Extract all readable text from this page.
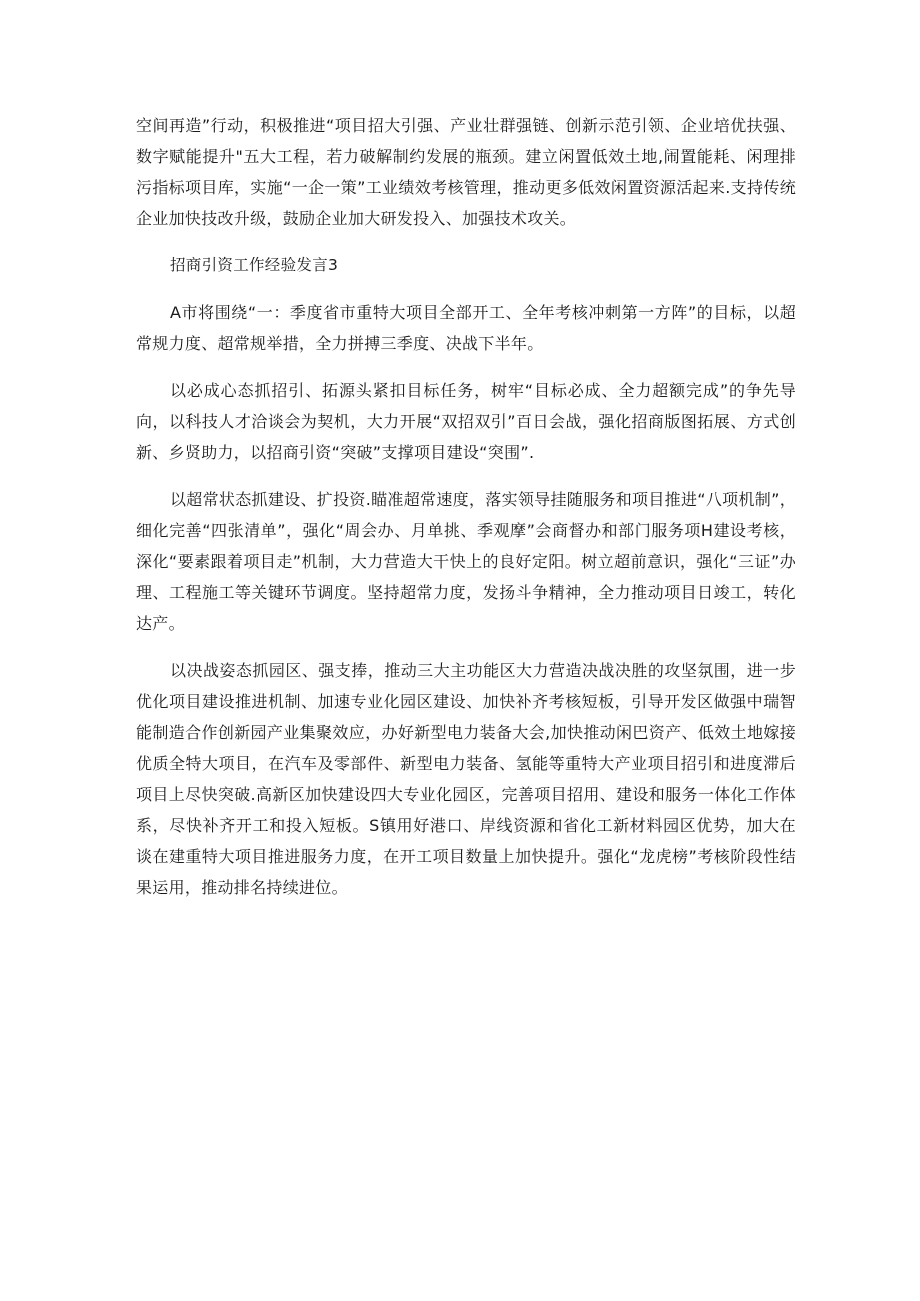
空间再造”行动，积极推进“项目招大引强、产业壮群强链、创新示范引领、企业培优扶强、数字赋能提升"五大工程，若力破解制约发展的瓶颈。建立闲置低效土地,闹置能耗、闲理排污指标项目库，实施“一企一策”工业绩效考核管理，推动更多低效闲置资源活起来.支持传统企业加快技改升级，鼓励企业加大研发投入、加强技术攻关。

招商引资工作经验发言3

A市将围绕“一：季度省市重特大项目全部开工、全年考核冲刺第一方阵”的目标，以超常规力度、超常规举措，全力拼搏三季度、决战下半年。

以必成心态抓招引、拓源头紧扣目标任务，树牢“目标必成、全力超额完成”的争先导向，以科技人才洽谈会为契机，大力开展“双招双引”百日会战，强化招商版图拓展、方式创新、乡贤助力，以招商引资“突破”支撑项目建设“突围”.

以超常状态抓建设、扩投资.瞄准超常速度，落实领导挂随服务和项目推进“八项机制”，细化完善“四张清单”，强化“周会办、月单挑、季观摩”会商督办和部门服务项H建设考核，深化“要素跟着项目走”机制，大力营造大干快上的良好定阳。树立超前意识，强化“三证”办理、工程施工等关键环节调度。坚持超常力度，发扬斗争精神，全力推动项目日竣工，转化达产。

以决战姿态抓园区、强支捧，推动三大主功能区大力营造决战决胜的攻坚氛围，进一步优化项目建设推进机制、加速专业化园区建设、加快补齐考核短板，引导开发区做强中瑞智能制造合作创新园产业集聚效应，办好新型电力装备大会,加快推动闲巴资产、低效土地嫁接优质全特大项目，在汽车及零部件、新型电力装备、氢能等重特大产业项目招引和进度滞后项目上尽快突破.高新区加快建设四大专业化园区，完善项目招用、建设和服务一体化工作体系，尽快补齐开工和投入短板。S镇用好港口、岸线资源和省化工新材料园区优势，加大在谈在建重特大项目推进服务力度，在开工项目数量上加快提升。强化“龙虎榜”考核阶段性结果运用，推动排名持续进位。
